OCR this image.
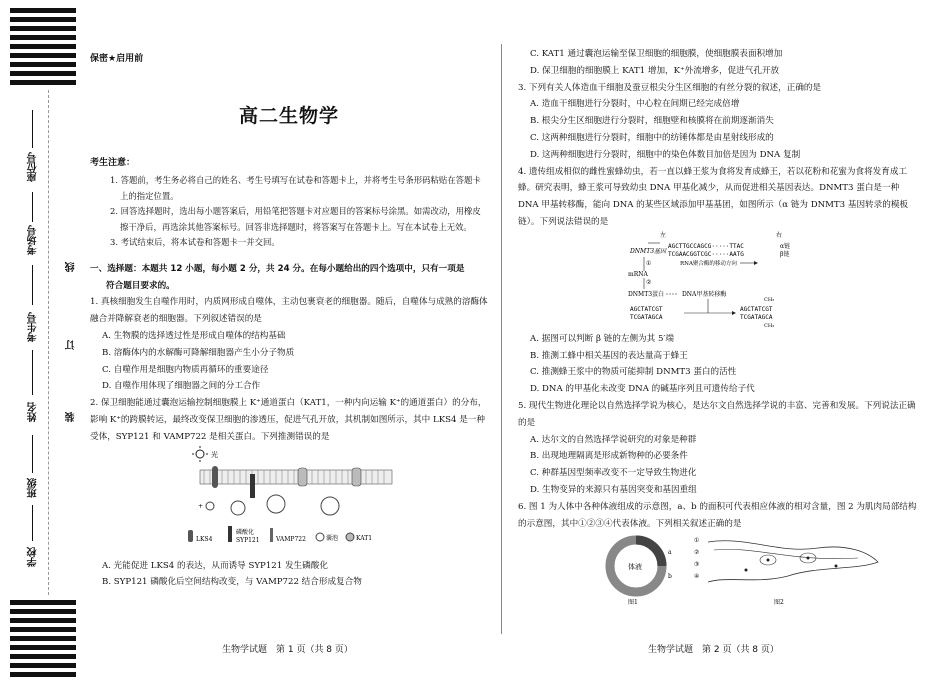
座位号
考场号
考生号
姓名
班级
学校
线
订
装
保密★启用前
高二生物学
考生注意：

1. 答题前，考生务必将自己的姓名、考生号填写在试卷和答题卡上，并将考生号条形码粘贴在答题卡上的指定位置。

2. 回答选择题时，选出每小题答案后，用铅笔把答题卡对应题目的答案标号涂黑。如需改动，用橡皮擦干净后，再选涂其他答案标号。回答非选择题时，将答案写在答题卡上。写在本试卷上无效。

3. 考试结束后，将本试卷和答题卡一并交回。

一、选择题：本题共 12 小题，每小题 2 分，共 24 分。在每小题给出的四个选项中，只有一项是
符合题目要求的。
1. 真核细胞发生自噬作用时，内质网形成自噬体，主动包裹衰老的细胞器。随后，自噬体与成熟的溶酶体融合并降解衰老的细胞器。下列叙述错误的是
A. 生物膜的选择透过性是形成自噬体的结构基础
B. 溶酶体内的水解酶可降解细胞器产生小分子物质
C. 自噬作用是细胞内物质再循环的重要途径
D. 自噬作用体现了细胞器之间的分工合作
2. 保卫细胞能通过囊泡运输控制细胞膜上 K⁺通道蛋白（KAT1，一种内向运输 K⁺的通道蛋白）的分布，影响 K⁺的跨膜转运，最终改变保卫细胞的渗透压，促进气孔开放，其机制如图所示，其中 LKS4 是一种受体，SYP121 和 VAMP722 是相关蛋白。下列推测错误的是
光
+
LKS4
磷酸化
SYP121	VAMP722	囊泡	KAT1
A. 光能促进 LKS4 的表达，从而诱导 SYP121 发生磷酸化
B. SYP121 磷酸化后空间结构改变，与 VAMP722 结合形成复合物
生物学试题　第 1 页（共 8 页）
C. KAT1 通过囊泡运输至保卫细胞的细胞膜，使细胞膜表面积增加
D. 保卫细胞的细胞膜上 KAT1 增加，K⁺外流增多，促进气孔开放
3. 下列有关人体造血干细胞及蚕豆根尖分生区细胞的有丝分裂的叙述，正确的是
A. 造血干细胞进行分裂时，中心粒在间期已经完成倍增
B. 根尖分生区细胞进行分裂时，细胞壁和核膜将在前期逐渐消失
C. 这两种细胞进行分裂时，细胞中的纺锤体都是由星射线形成的
D. 这两种细胞进行分裂时，细胞中的染色体数目加倍是因为 DNA 复制
4. 遗传组成相似的雌性蜜蜂幼虫，若一直以蜂王浆为食将发育成蜂王，若以花粉和花蜜为食将发育成工蜂。研究表明，蜂王浆可导致幼虫 DNA 甲基化减少，从而促进相关基因表达。DNMT3 蛋白是一种 DNA 甲基转移酶，能向 DNA 的某些区域添加甲基基团，如图所示（α 链为 DNMT3 基因转录的模板链）。下列说法错误的是
左	右
DNMT3基因
AGCTTGCCAGCG·····TTAC
TCGAACGGTCGC·····AATG
α链
β链
RNA聚合酶的移动方向
①
mRNA
②
DNMT3蛋白	DNA甲基转移酶
AGCTATCGT
TCGATAGCA
CH₃
AGCTATCGT
TCGATAGCA
CH₃
A. 据图可以判断 β 链的左侧为其 5′端
B. 推测工蜂中相关基因的表达量高于蜂王
C. 推测蜂王浆中的物质可能抑制 DNMT3 蛋白的活性
D. DNA 的甲基化未改变 DNA 的碱基序列且可遗传给子代
5. 现代生物进化理论以自然选择学说为核心，是达尔文自然选择学说的丰富、完善和发展。下列说法正确的是
A. 达尔文的自然选择学说研究的对象是种群
B. 出现地理隔离是形成新物种的必要条件
C. 种群基因型频率改变不一定导致生物进化
D. 生物变异的来源只有基因突变和基因重组
6. 图 1 为人体中各种体液组成的示意图，a、b 的面积可代表相应体液的相对含量，图 2 为肌肉局部结构的示意图，其中①②③④代表体液。下列相关叙述正确的是
体液
a
b
图1
①
②
③
④
图2
生物学试题　第 2 页（共 8 页）
